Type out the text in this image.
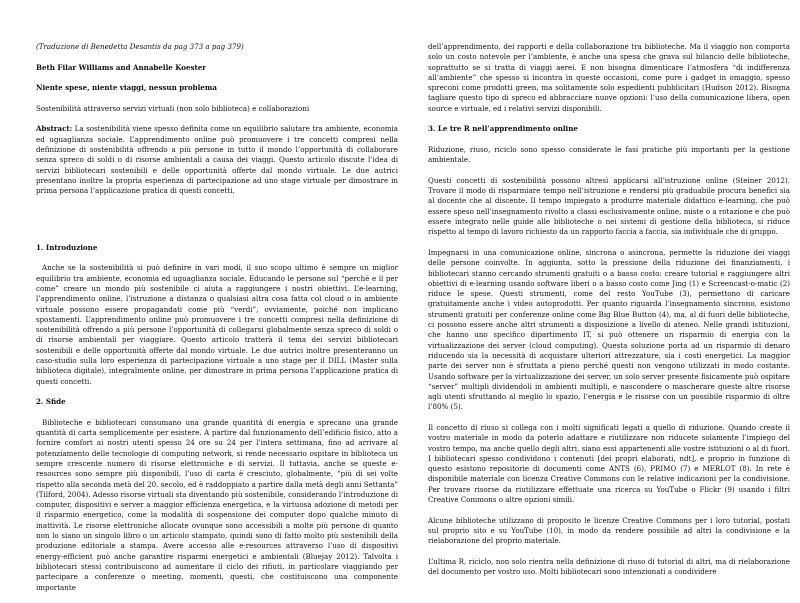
(Traduzione di Benedetta Desantis da pag 373 a pag 379)
Beth Filar Williams and Annabelle Koester
Niente spese, niente viaggi, nessun problema
Sostenibilità attraverso servizi virtuali (non solo biblioteca) e collaborazioni

Abstract: La sostenibilità viene spesso definita come un equilibrio salutare tra ambiente, economia ed uguaglianza sociale. L’apprendimento online può promuovere i tre concetti compresi nella definizione di sostenibilità offrendo a più persone in tutto il mondo l’opportunità di collaborare senza spreco di soldi o di risorse ambientali a causa dei viaggi. Questo articolo discute l’idea di servizi bibliotecari sostenibili e delle opportunità offerte dal mondo virtuale. Le due autrici presentano inoltre la propria esperienza di partecipazione ad uno stage virtuale per dimostrare in prima persona l’applicazione pratica di questi concetti.

1. Introduzione

Anche se la sostenibilità si può definire in vari modi, il suo scopo ultimo è sempre un miglior equilibrio tra ambiente, economia ed uguaglianza sociale. Educando le persone sul “perché e il per come” creare un mondo più sostenibile ci aiuta a raggiungere i nostri obiettivi. L’e-learning, l’apprendimento online, l’istruzione a distanza o qualsiasi altra cosa fatta col cloud o in ambiente virtuale possono essere propagandati come più “verdi”, ovviamente, poiché non implicano spostamenti. L’apprendimento online può promuovere i tre concetti compresi nella definizione di sostenibilità offrendo a più persone l’opportunità di collegarsi globalmente senza spreco di soldi o di risorse ambientali per viaggiare. Questo articolo tratterà il tema dei servizi bibliotecari sostenibili e delle opportunità offerte dal mondo virtuale. Le due autrici inoltre presenteranno un caso-studio sulla loro esperienza di partecipazione virtuale a uno stage per il DILL (Master sulla biblioteca digitale), integralmente online, per dimostrare in prima persona l’applicazione pratica di questi concetti.

2. Sfide

Biblioteche e bibliotecari consumano una grande quantità di energia e sprecano una grande quantità di carta semplicemente per esistere. A partire dal funzionamento dell’edificio fisico, atto a fornire comfort ai nostri utenti spesso 24 ore su 24 per l’intera settimana, fino ad arrivare al potenziamento delle tecnologie di computing network, si rende necessario ospitare in biblioteca un sempre crescente numero di risorse elettroniche e di servizi. Il tuttavia, anche se queste e-resources sono sempre più disponibili, l’uso di carta è cresciuto, globalmente, “più di sei volte rispetto alla seconda metà del 20. secolo, ed è raddoppiato a partire dalla metà degli anni Settanta” (Tilford, 2004). Adesso risorse virtuali sta diventando più sostenibile, considerando l’introduzione di computer, dispositivi e server a maggior efficienza energetica, e la virtuosa adozione di metodi per il risparmio energetico, come la modalità di sospensione dei computer dopo qualche minuto di inattività. Le risorse elettroniche allocate ovunque sono accessibili a molte più persone di quanto non lo siano un singolo libro o un articolo stampato, quindi sono di fatto molto più sostenibili della produzione editoriale a stampa. Avere accesso alle e-resources attraverso l’uso di dispositivi energy-efficient può anche garantire risparmi energetici e ambientali (Bluejay 2012). Talvolta i bibliotecari stessi contribuiscono ad aumentare il ciclo dei rifiuti, in particolare viaggiando per partecipare a conferenze o meeting, momenti, questi, che costituiscono una componente importante

dell’apprendimento, dei rapporti e della collaborazione tra biblioteche. Ma il viaggio non comporta solo un costo notevole per l’ambiente, è anche una spesa che grava sul bilancio delle biblioteche, soprattutto se si tratta di viaggi aerei. E non bisogna dimenticare l’atmosfera “di indifferenza all’ambiente” che spesso si incontra in queste occasioni, come pure i gadget in omaggio, spesso spreconi come prodotti green, ma solitamente solo espedienti pubblicitari (Hudson 2012). Bisogna tagliare questo tipo di spreco ed abbracciare nuove opzioni: l’uso della comunicazione libera, open source e virtuale, ed i relativi servizi disponibili.

3. Le tre R nell’apprendimento online

Riduzione, riuso, riciclo sono spesso considerate le fasi pratiche più importanti per la gestione ambientale.

Questi concetti di sostenibilità possono altresì applicarsi all’istruzione online (Steiner 2012). Trovare il modo di risparmiare tempo nell’istruzione e rendersi più graduabile procura benefici sia al docente che al discente. Il tempo impiegato a produrre materiale didattico e-learning, che può essere speso nell’insegnamento rivolto a classi esclusivamente online, miste o a rotazione e che può essere integrato nelle guide alle biblioteche o nei sistemi di gestione della biblioteca, si riduce rispetto al tempo di lavoro richiesto da un rapporto faccia a faccia, sia individuale che di gruppo.

Impegnarsi in una comunicazione online, sincrona o asincrona, permette la riduzione dei viaggi delle persone coinvolte. In aggiunta, sotto la pressione della riduzione dei finanziamenti, i bibliotecari stanno cercando strumenti gratuiti o a basso costo: creare tutorial e raggiungere altri obiettivi di e-learning usando software liberi o a basso costo come Jing (1) e Screencast-o-matic (2) riduce le spese. Questi strumenti, come del resto YouTube (3), permettono di caricare gratuitamente anche i video autoprodotti. Per quanto riguarda l’insegnamento sincrono, esistono strumenti gratuiti per conferenze online come Big Blue Button (4), ma, al di fuori delle biblioteche, ci possono essere anche altri strumenti a disposizione a livello di ateneo. Nelle grandi istituzioni, che hanno uno specifico dipartimento IT, si può ottenere un risparmio di energia con la virtualizzazione dei server (cloud computing). Questa soluzione porta ad un risparmio di denaro riducendo sia la necessità di acquistare ulteriori attrezzature, sia i costi energetici. La maggior parte dei server non è sfruttata a pieno perché questi non vengono utilizzati in modo costante. Usando software per la virtualizzazione dei server, un solo server presente fisicamente può ospitare “server” multipli dividendoli in ambienti multipli, e nascondere o mascherare queste altre risorse agli utenti sfruttando al meglio lo spazio, l’energia e le risorse con un possibile risparmio di oltre l’80% (5).

Il concetto di riuso si collega con i molti significati legati a quello di riduzione. Quando create il vostro materiale in modo da poterlo adattare e riutilizzare non riducete solamente l’impiego del vostro tempo, ma anche quello degli altri, siano essi appartenenti alle vostre istituzioni o al di fuori. I bibliotecari spesso condividono i contenuti [dei propri elaborati, ndt], e proprio in funzione di questo esistono repositorie di documenti come ANTS (6), PRIMO (7) e MERLOT (8). In rete è disponibile materiale con licenza Creative Commons con le relative indicazioni per la condivisione. Per trovare risorse da riutilizzare effettuate una ricerca su YouTube o Flickr (9) usando i filtri Creative Commons o altre opzioni simili.

Alcune biblioteche utilizzano di proposito le licenze Creative Commons per i loro tutorial, postati sul proprio sito e su YouTube (10), in modo da rendere possibile ad altri la condivisione e la rielaborazione del proprio materiale.

L’ultima R, riciclo, non solo rientra nella definizione di riuso di tutorial di altri, ma di rielaborazione del documento per vostro uso. Molti bibliotecari sono intenzionati a condividere
